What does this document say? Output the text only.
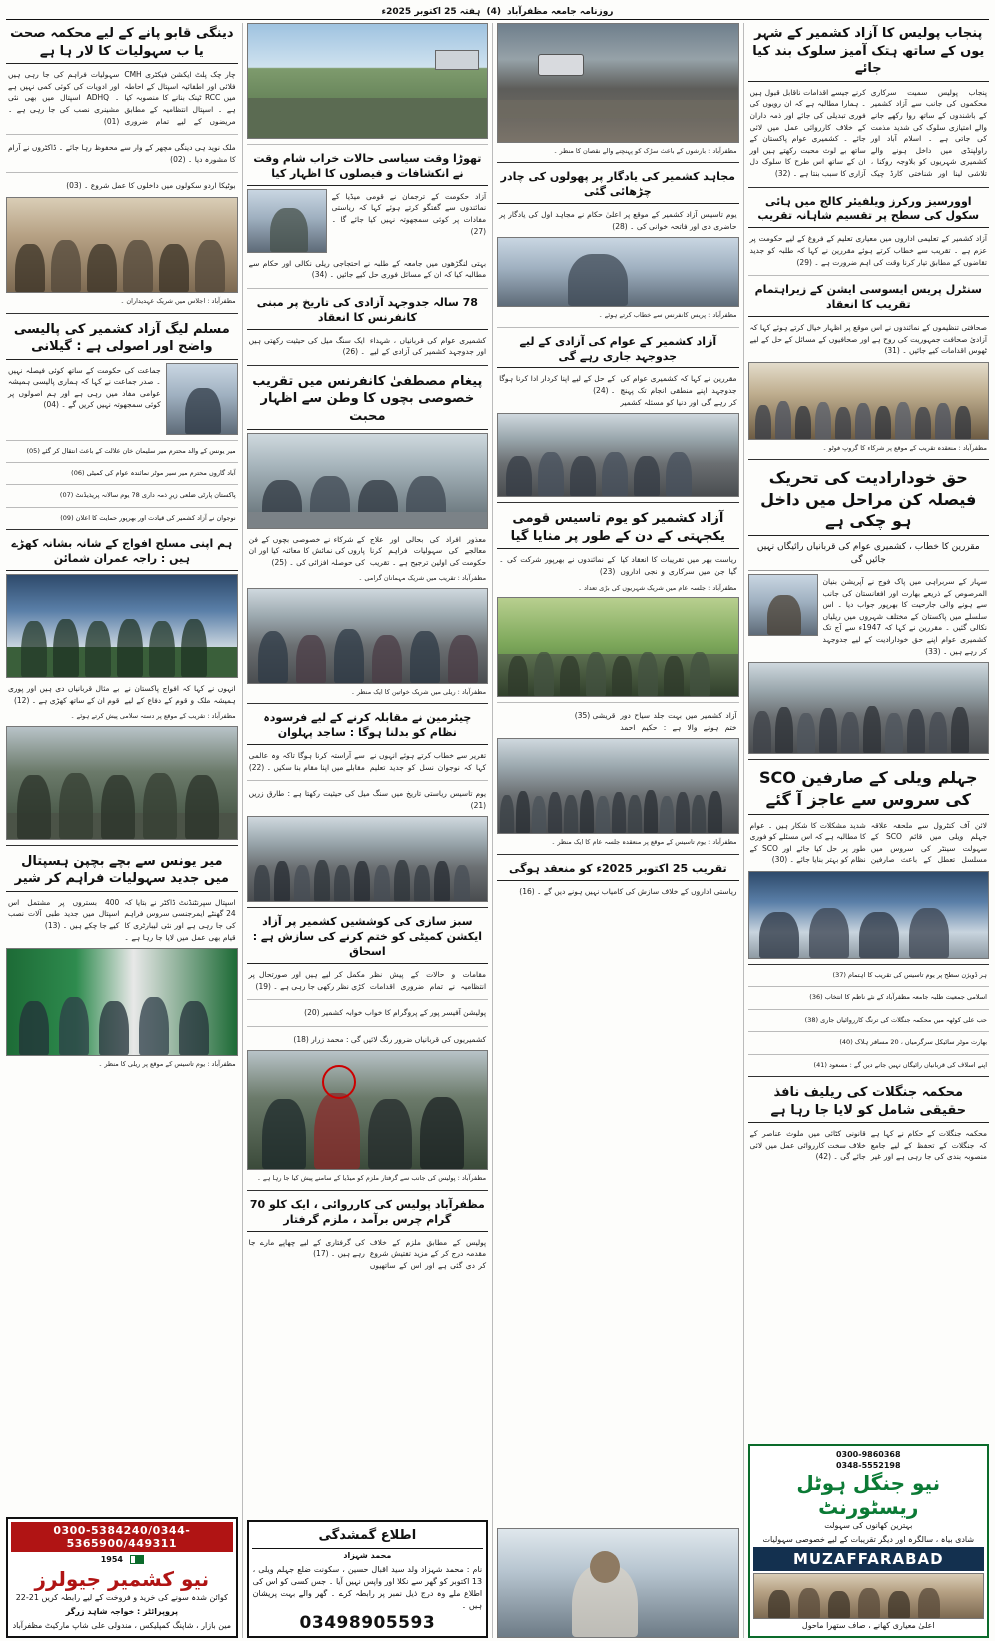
روزنامہ جامعہ مظفرآباد
(4)
ہفتہ 25 اکتوبر 2025ء
پنجاب پولیس کا آزاد کشمیر کے شہر یوں کے ساتھ ہتک آمیز سلوک بند کیا جائے
پنجاب پولیس سمیت سرکاری محکموں کی جانب سے آزاد کشمیر کے باشندوں کے ساتھ روا رکھے جانے والے امتیازی سلوک کی شدید مذمت کی جاتی ہے ۔ اسلام آباد اور راولپنڈی میں داخل ہونے والے کشمیری شہریوں کو بلاوجہ روکنا ، تلاشی لینا اور شناختی کارڈ چیک کرنے جیسے اقدامات ناقابل قبول ہیں ۔ ہمارا مطالبہ ہے کہ ان رویوں کی فوری تبدیلی کی جائے اور ذمہ داران کے خلاف کارروائی عمل میں لائی جائے ۔ کشمیری عوام پاکستان کے ساتھ بے لوث محبت رکھتے ہیں اور ان کے ساتھ اس طرح کا سلوک دل آزاری کا سبب بنتا ہے ۔ (32)
اوورسیز ورکرز ویلفیئر کالج میں ہائی سکول کی سطح پر تقسیم شاہانہ تقریب
آزاد کشمیر کے تعلیمی اداروں میں معیاری تعلیم کے فروغ کے لیے حکومت پر عزم ہے ۔ تقریب سے خطاب کرتے ہوئے مقررین نے کہا کہ طلبہ کو جدید تقاضوں کے مطابق تیار کرنا وقت کی اہم ضرورت ہے ۔ (29)
سنٹرل پریس ایسوسی ایشن کے زیراہتمام تقریب کا انعقاد
صحافتی تنظیموں کے نمائندوں نے اس موقع پر اظہار خیال کرتے ہوئے کہا کہ آزادیٔ صحافت جمہوریت کی روح ہے اور صحافیوں کے مسائل کے حل کے لیے ٹھوس اقدامات کیے جائیں ۔ (31)
مظفرآباد : منعقدہ تقریب کے موقع پر شرکاء کا گروپ فوٹو ۔
حق خودارادیت کی تحریک فیصلہ کن مراحل میں داخل ہو چکی ہے
مقررین کا خطاب ، کشمیری عوام کی قربانیاں رائیگاں نہیں جائیں گی
سہار کے سربراہی میں پاک فوج نے آپریشن بنیان المرصوص کے ذریعے بھارت اور افغانستان کی جانب سے ہونے والی جارحیت کا بھرپور جواب دیا ۔ اس سلسلے میں پاکستان کے مختلف شہروں میں ریلیاں نکالی گئیں ۔ مقررین نے کہا کہ 1947ء سے آج تک کشمیری عوام اپنے حق خودارادیت کے لیے جدوجہد کر رہے ہیں ۔ (33)
جہلم ویلی کے صارفین SCO کی سروس سے عاجز آ گئے
لائن آف کنٹرول سے ملحقہ علاقہ جہلم ویلی میں قائم SCO کے سہولت سینٹر کی سروس میں مسلسل تعطل کے باعث صارفین شدید مشکلات کا شکار ہیں ۔ عوام کا مطالبہ ہے کہ اس مسئلے کو فوری طور پر حل کیا جائے اور SCO کے نظام کو بہتر بنایا جائے ۔ (30)
ہر ڈویژن سطح پر یوم تاسیس کی تقریب کا اہتمام (37)
اسلامی جمعیت طلبہ جامعہ مظفرآباد کے نئے ناظم کا انتخاب (36)
حب علی کوٹھہ میں محکمہ جنگلات کی ترنگ کارروائیاں جاری (38)
بھارت موٹر سائیکل سرگرمیاں ، 20 مسافر ہلاک (40)
اپنے اسلاف کی قربانیاں رائیگاں نہیں جانے دیں گے : مسعود (41)
محکمہ جنگلات کی ریلیف نافذ حقیقی شامل کو لایا جا رہا ہے
محکمہ جنگلات کے حکام نے کہا ہے کہ جنگلات کے تحفظ کے لیے جامع منصوبہ بندی کی جا رہی ہے اور غیر قانونی کٹائی میں ملوث عناصر کے خلاف سخت کارروائی عمل میں لائی جائے گی ۔ (42)
0300-9860368
0348-5552198
نیو جنگل ہوٹل ریسٹورنٹ
بہترین کھانوں کی سہولت
شادی بیاہ ، سالگرہ اور دیگر تقریبات کے لیے خصوصی سہولیات
MUZAFFARABAD
اعلیٰ معیاری کھانے ، صاف ستھرا ماحول
مظفرآباد : بارشوں کے باعث سڑک کو پہنچنے والے نقصان کا منظر ۔
مجاہد کشمیر کی یادگار پر پھولوں کی چادر چڑھائی گئی
یوم تاسیس آزاد کشمیر کے موقع پر اعلیٰ حکام نے مجاہد اول کی یادگار پر حاضری دی اور فاتحہ خوانی کی ۔ (28)
مظفرآباد : پریس کانفرنس سے خطاب کرتے ہوئے ۔
آزاد کشمیر کے عوام کی آزادی کے لیے جدوجہد جاری رہے گی
مقررین نے کہا کہ کشمیری عوام کی جدوجہد اپنے منطقی انجام تک پہنچ کر رہے گی اور دنیا کو مسئلہ کشمیر کے حل کے لیے اپنا کردار ادا کرنا ہوگا ۔ (24)
آزاد کشمیر کو یوم تاسیس قومی یکجہتی کے دن کے طور پر منایا گیا
ریاست بھر میں تقریبات کا انعقاد کیا گیا جن میں سرکاری و نجی اداروں کے نمائندوں نے بھرپور شرکت کی ۔ (23)
مظفرآباد : جلسہ عام میں شریک شہریوں کی بڑی تعداد ۔
آزاد کشمیر میں بہت جلد سیاح دور ختم ہونے والا ہے : حکیم احمد قریشی (35)
مظفرآباد : یوم تاسیس کے موقع پر منعقدہ جلسہ عام کا ایک منظر ۔
تقریب 25 اکتوبر 2025ء کو منعقد ہوگی
ریاستی اداروں کے خلاف سازش کی کامیاب نہیں ہونے دیں گے ۔ (16)
تھوڑا وقت سیاسی حالات خراب شام وقت نے انکشافات و فیصلوں کا اظہار کیا
آزاد حکومت کے ترجمان نے قومی میڈیا کے نمائندوں سے گفتگو کرتے ہوئے کہا کہ ریاستی مفادات پر کوئی سمجھوتہ نہیں کیا جائے گا ۔ (27)
بہتی لنگڑھوں میں جامعہ کے طلبہ نے احتجاجی ریلی نکالی اور حکام سے مطالبہ کیا کہ ان کے مسائل فوری حل کیے جائیں ۔ (34)
78 سالہ جدوجہد آزادی کی تاریخ پر مبنی کانفرنس کا انعقاد
کشمیری عوام کی قربانیاں ، شہداء اور جدوجہد کشمیر کی آزادی کے لیے ایک سنگ میل کی حیثیت رکھتی ہیں ۔ (26)
پیغام مصطفیٰ کانفرنس میں تقریب خصوصی بچوں کا وطن سے اظہار محبت
معذور افراد کی بحالی اور علاج معالجے کی سہولیات فراہم کرنا حکومت کی اولین ترجیح ہے ۔ تقریب کے شرکاء نے خصوصی بچوں کے فن پاروں کی نمائش کا معائنہ کیا اور ان کی حوصلہ افزائی کی ۔ (25)
مظفرآباد : تقریب میں شریک مہمانان گرامی ۔
مظفرآباد : ریلی میں شریک خواتین کا ایک منظر ۔
چیئرمین نے مقابلہ کرنے کے لیے فرسودہ نظام کو بدلنا ہوگا : ساجد پہلوان
تقریر سے خطاب کرتے ہوئے انہوں نے کہا کہ نوجوان نسل کو جدید تعلیم سے آراستہ کرنا ہوگا تاکہ وہ عالمی مقابلے میں اپنا مقام بنا سکیں ۔ (22)
یوم تاسیس ریاستی تاریخ میں سنگ میل کی حیثیت رکھتا ہے : طارق زریں (21)
سبز سازی کی کوششیں کشمیر پر آزاد ایکشن کمیٹی کو ختم کرنے کی سازش ہے : اسحاق
مقامات و حالات کے پیش نظر انتظامیہ نے تمام ضروری اقدامات مکمل کر لیے ہیں اور صورتحال پر کڑی نظر رکھی جا رہی ہے ۔ (19)
پولیشن آفیسر پور کے پروگرام کا خواب خوابہ کشمیر (20)
کشمیریوں کی قربانیاں ضرور رنگ لائیں گی : محمد زرار (18)
مظفرآباد : پولیس کی جانب سے گرفتار ملزم کو میڈیا کے سامنے پیش کیا جا رہا ہے ۔
مظفرآباد پولیس کی کارروائی ، ایک کلو 70 گرام چرس برآمد ، ملزم گرفتار
پولیس کے مطابق ملزم کے خلاف مقدمہ درج کر کے مزید تفتیش شروع کر دی گئی ہے اور اس کے ساتھیوں کی گرفتاری کے لیے چھاپے مارے جا رہے ہیں ۔ (17)
اطلاع گمشدگی
محمد شہزاد
نام : محمد شہزاد ولد سید اقبال حسین ، سکونت ضلع جہلم ویلی ، 13 اکتوبر کو گھر سے نکلا اور واپس نہیں آیا ۔ جس کسی کو اس کی اطلاع ملے وہ درج ذیل نمبر پر رابطہ کرے ۔ گھر والے بہت پریشان ہیں ۔
03498905593
دینگی قابو پانے کے لیے محکمہ صحت یا ب سہولیات کا لار ہا ہے
چار چک پلٹ ایکشن فیکٹری CMH فلائی اور اطفائیہ اسپتال کے احاطہ میں RCC ٹینک بنانے کا منصوبہ کیا ہے ۔ اسپتال انتظامیہ کے مطابق مریضوں کے لیے تمام ضروری سہولیات فراہم کی جا رہی ہیں اور ادویات کی کوئی کمی نہیں ہے ۔ ADHQ اسپتال میں بھی نئی مشینری نصب کی جا رہی ہے ۔ (01)
ملک نوید ہی دینگی مچھر کے وار سے محفوظ رہا جائے ۔ ڈاکٹروں نے آرام کا مشورہ دیا ۔ (02)
بوٹیکا اردو سکولوں میں داخلوں کا عمل شروع ۔ (03)
مظفرآباد : اجلاس میں شریک عہدیداران ۔
مسلم لیگ آزاد کشمیر کی پالیسی واضح اور اصولی ہے : گیلانی
جماعت کی حکومت کے ساتھ کوئی فیصلہ نہیں ۔ صدر جماعت نے کہا کہ ہماری پالیسی ہمیشہ عوامی مفاد میں رہی ہے اور ہم اصولوں پر کوئی سمجھوتہ نہیں کریں گے ۔ (04)
میر یونس کے والد محترم میر سلیمان خان علالت کے باعث انتقال کر گئے (05)
آباد گاروں محترم میر سیر موٹر نمائندہ عوام کی کمیٹی (06)
پاکستان پارٹی ضلعی زیرِ ذمہ داری 78 یوم سالانہ پریذیڈنٹ (07)
نوجوان نے آزاد کشمیر کی قیادت اور بھرپور حمایت کا اعلان (09)
ہم اپنی مسلح افواج کے شانہ بشانہ کھڑے ہیں : راجہ عمران شمائن
انہوں نے کہا کہ افواج پاکستان نے ہمیشہ ملک و قوم کے دفاع کے لیے بے مثال قربانیاں دی ہیں اور پوری قوم ان کے ساتھ کھڑی ہے ۔ (12)
مظفرآباد : تقریب کے موقع پر دستہ سلامی پیش کرتے ہوئے ۔
میر یونس سے بچے بچپن ہسپتال میں جدید سہولیات فراہم کر شیر
اسپتال سپرنٹنڈنٹ ڈاکٹر نے بتایا کہ 24 گھنٹے ایمرجنسی سروس فراہم کی جا رہی ہے اور نئی لیبارٹری کا قیام بھی عمل میں لایا جا رہا ہے ۔ 400 بستروں پر مشتمل اس اسپتال میں جدید طبی آلات نصب کیے جا چکے ہیں ۔ (13)
مظفرآباد : یوم تاسیس کے موقع پر ریلی کا منظر ۔
0300-5384240/0344-5365900/449311
1954
نیو کشمیر جیولرز
کوائن شدہ سونے کی خرید و فروخت کے لیے رابطہ کریں 21-22
پروپرائٹر : خواجہ شاہد زرگر
مین بازار ، شاپنگ کمپلیکس ، مندولی علی شاپ مارکیٹ مظفرآباد
